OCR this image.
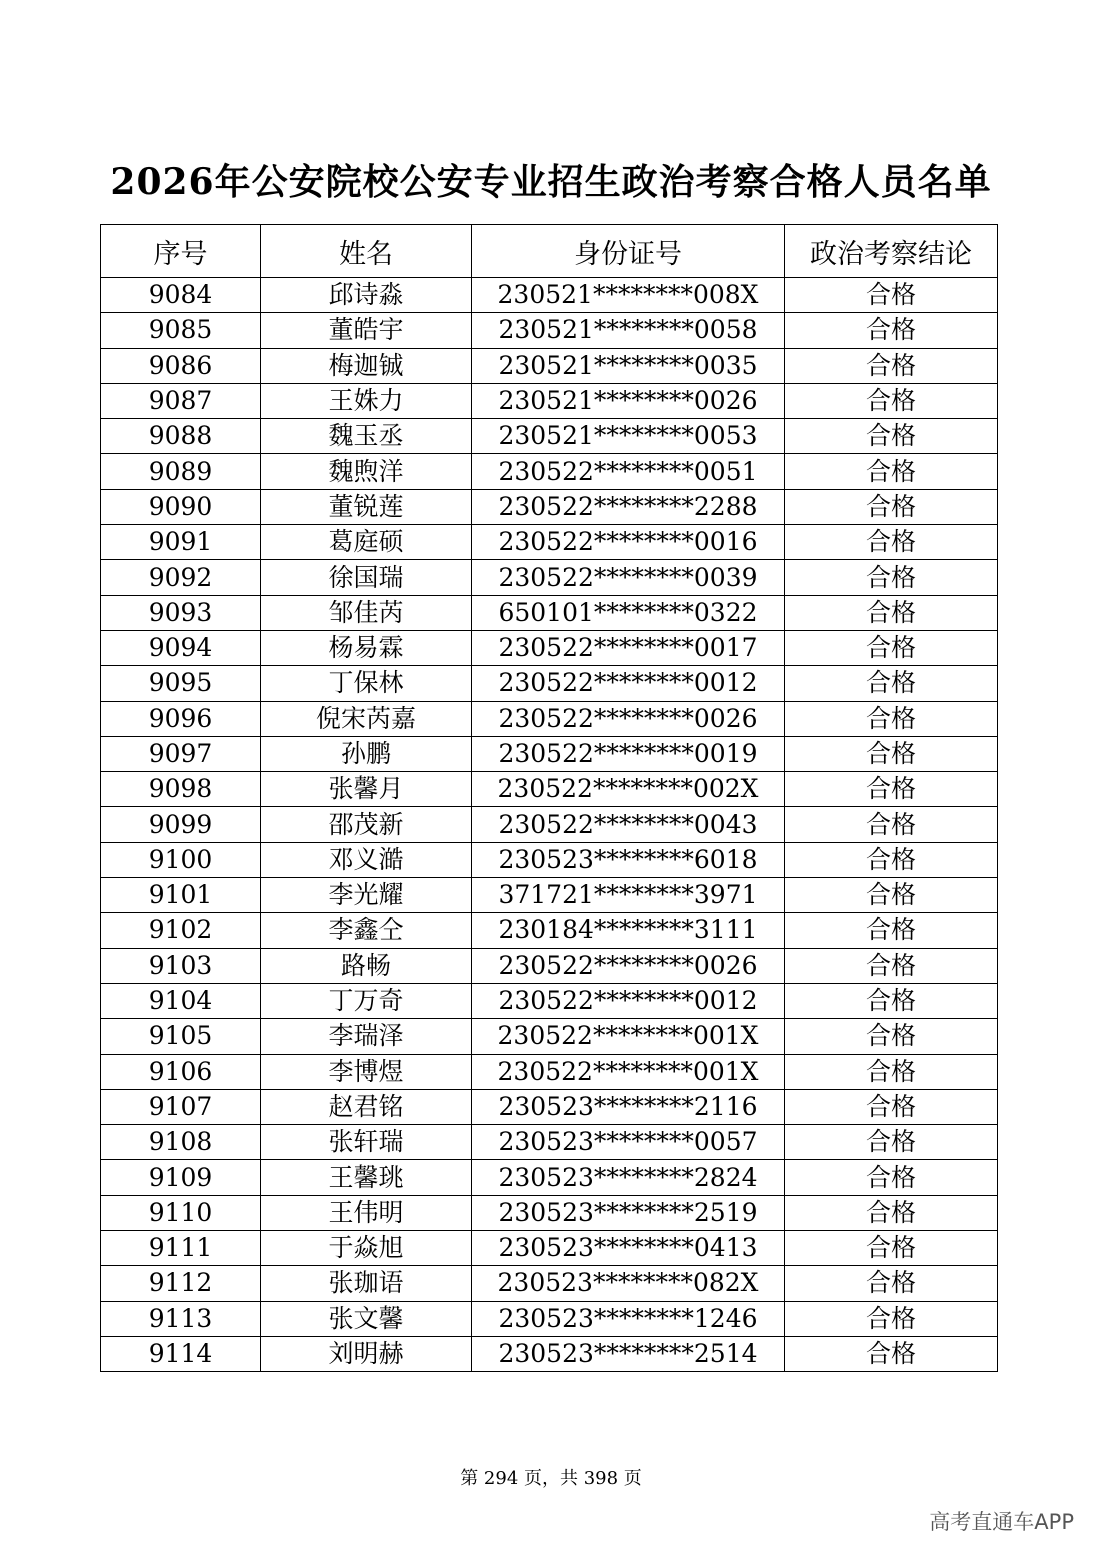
2026年公安院校公安专业招生政治考察合格人员名单
序号	姓名	身份证号	政治考察结论
9084	邱诗淼	230521********008X	合格
9085	董皓宇	230521********0058	合格
9086	梅迦铖	230521********0035	合格
9087	王姝力	230521********0026	合格
9088	魏玉丞	230521********0053	合格
9089	魏煦洋	230522********0051	合格
9090	董锐莲	230522********2288	合格
9091	葛庭硕	230522********0016	合格
9092	徐国瑞	230522********0039	合格
9093	邹佳芮	650101********0322	合格
9094	杨易霖	230522********0017	合格
9095	丁保林	230522********0012	合格
9096	倪宋芮嘉	230522********0026	合格
9097	孙鹏	230522********0019	合格
9098	张馨月	230522********002X	合格
9099	邵茂新	230522********0043	合格
9100	邓义澔	230523********6018	合格
9101	李光耀	371721********3971	合格
9102	李鑫仝	230184********3111	合格
9103	路畅	230522********0026	合格
9104	丁万奇	230522********0012	合格
9105	李瑞泽	230522********001X	合格
9106	李博煜	230522********001X	合格
9107	赵君铭	230523********2116	合格
9108	张轩瑞	230523********0057	合格
9109	王馨珧	230523********2824	合格
9110	王伟明	230523********2519	合格
9111	于焱旭	230523********0413	合格
9112	张珈语	230523********082X	合格
9113	张文馨	230523********1246	合格
9114	刘明赫	230523********2514	合格
第 294 页，共 398 页
高考直通车APP
